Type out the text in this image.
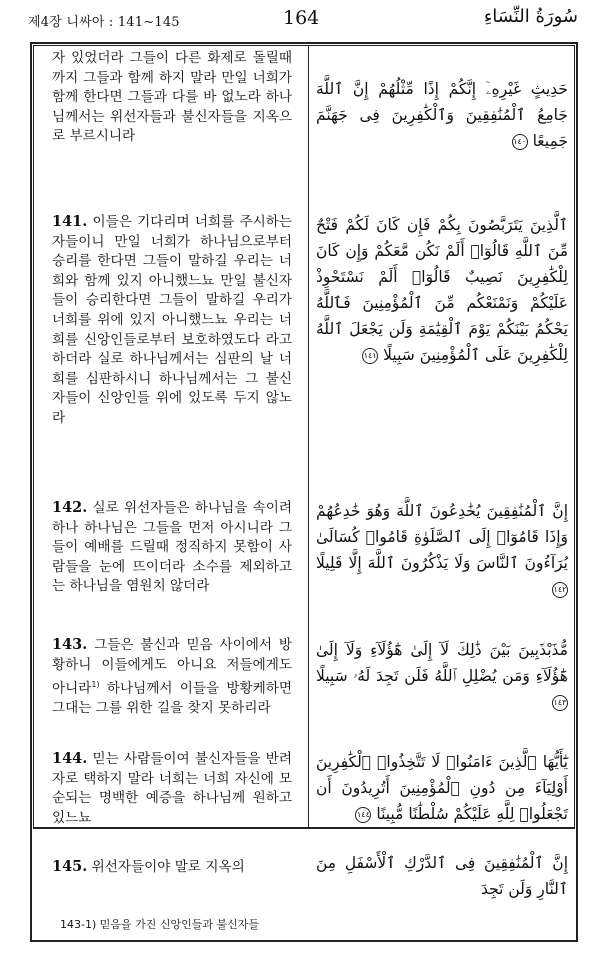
제4장 니싸아 : 141∼145	164	سُورَةُ النِّسَاءِ
자 있었더라 그들이 다른 화제로 돌릴때까지 그들과 함께 하지 말라 만일 너희가 함께 한다면 그들과 다를 바 없노라 하나님께서는 위선자들과 불신자들을 지옥으로 부르시니라
141. 이들은 기다리며 너희를 주시하는 자들이니 만일 너희가 하나님으로부터 승리를 한다면 그들이 말하길 우리는 너희와 함께 있지 아니했느뇨 만일 불신자들이 승리한다면 그들이 말하길 우리가 너희를 위에 있지 아니했느뇨 우리는 너희를 신앙인들로부터 보호하였도다 라고 하더라 실로 하나님께서는 심판의 날 너희를 심판하시니 하나님께서는 그 불신자들이 신앙인들 위에 있도록 두지 않노라
142. 실로 위선자들은 하나님을 속이려 하나 하나님은 그들을 먼저 아시니라 그들이 예배를 드릴때 정직하지 못함이 사람들을 눈에 뜨이더라 소수를 제외하고는 하나님을 염원치 않더라
143. 그들은 불신과 믿음 사이에서 방황하니 이들에게도 아니요 저들에게도 아니라$^{1)}$ 하나님께서 이들을 방황케하면 그대는 그를 위한 길을 찾지 못하리라
144. 믿는 사람들이여 불신자들을 반려자로 택하지 말라 너희는 너희 자신에 모순되는 명백한 예증을 하나님께 원하고 있느뇨
145. 위선자들이야 말로 지옥의
حَدِيثٍ غَيْرِهِۦٓ إِنَّكُمْ إِذًا مِّثْلُهُمْ إِنَّ ٱللَّهَ جَامِعُ ٱلْمُنَٰفِقِينَ وَٱلْكَٰفِرِينَ فِى جَهَنَّمَ جَمِيعًا ١٤٠
ٱلَّذِينَ يَتَرَبَّصُونَ بِكُمْ فَإِن كَانَ لَكُمْ فَتْحٌ مِّنَ ٱللَّهِ قَالُوٓا۟ أَلَمْ نَكُن مَّعَكُمْ وَإِن كَانَ لِلْكَٰفِرِينَ نَصِيبٌ قَالُوٓا۟ أَلَمْ نَسْتَحْوِذْ عَلَيْكُمْ وَنَمْنَعْكُم مِّنَ ٱلْمُؤْمِنِينَ فَٱللَّهُ يَحْكُمُ بَيْنَكُمْ يَوْمَ ٱلْقِيَٰمَةِ وَلَن يَجْعَلَ ٱللَّهُ لِلْكَٰفِرِينَ عَلَى ٱلْمُؤْمِنِينَ سَبِيلًا ١٤١
إِنَّ ٱلْمُنَٰفِقِينَ يُخَٰدِعُونَ ٱللَّهَ وَهُوَ خَٰدِعُهُمْ وَإِذَا قَامُوٓا۟ إِلَى ٱلصَّلَوٰةِ قَامُوا۟ كُسَالَىٰ يُرَآءُونَ ٱلنَّاسَ وَلَا يَذْكُرُونَ ٱللَّهَ إِلَّا قَلِيلًا ١٤٢
مُّذَبْذَبِينَ بَيْنَ ذَٰلِكَ لَآ إِلَىٰ هَٰٓؤُلَآءِ وَلَآ إِلَىٰ هَٰٓؤُلَآءِ وَمَن يُضْلِلِ ٱللَّهُ فَلَن تَجِدَ لَهُۥ سَبِيلًا ١٤٣
يَٰٓأَيُّهَا ٱلَّذِينَ ءَامَنُوا۟ لَا تَتَّخِذُوا۟ ٱلْكَٰفِرِينَ أَوْلِيَآءَ مِن دُونِ ٱلْمُؤْمِنِينَ أَتُرِيدُونَ أَن تَجْعَلُوا۟ لِلَّهِ عَلَيْكُمْ سُلْطَٰنًا مُّبِينًا ١٤٤
إِنَّ ٱلْمُنَٰفِقِينَ فِى ٱلدَّرْكِ ٱلْأَسْفَلِ مِنَ ٱلنَّارِ وَلَن تَجِدَ
143-1) 믿음을 가진 신앙인들과 불신자들
